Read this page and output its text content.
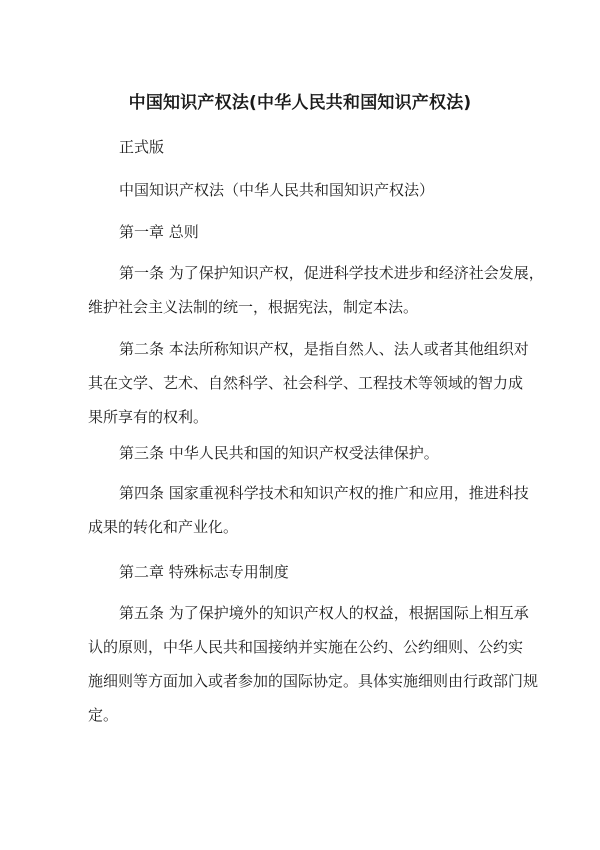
中国知识产权法(中华人民共和国知识产权法)
正式版
中国知识产权法（中华人民共和国知识产权法）
第一章 总则
第一条 为了保护知识产权，促进科学技术进步和经济社会发展，
维护社会主义法制的统一，根据宪法，制定本法。
第二条 本法所称知识产权，是指自然人、法人或者其他组织对
其在文学、艺术、自然科学、社会科学、工程技术等领域的智力成
果所享有的权利。
第三条 中华人民共和国的知识产权受法律保护。
第四条 国家重视科学技术和知识产权的推广和应用，推进科技
成果的转化和产业化。
第二章 特殊标志专用制度
第五条 为了保护境外的知识产权人的权益，根据国际上相互承
认的原则，中华人民共和国接纳并实施在公约、公约细则、公约实
施细则等方面加入或者参加的国际协定。具体实施细则由行政部门规
定。
